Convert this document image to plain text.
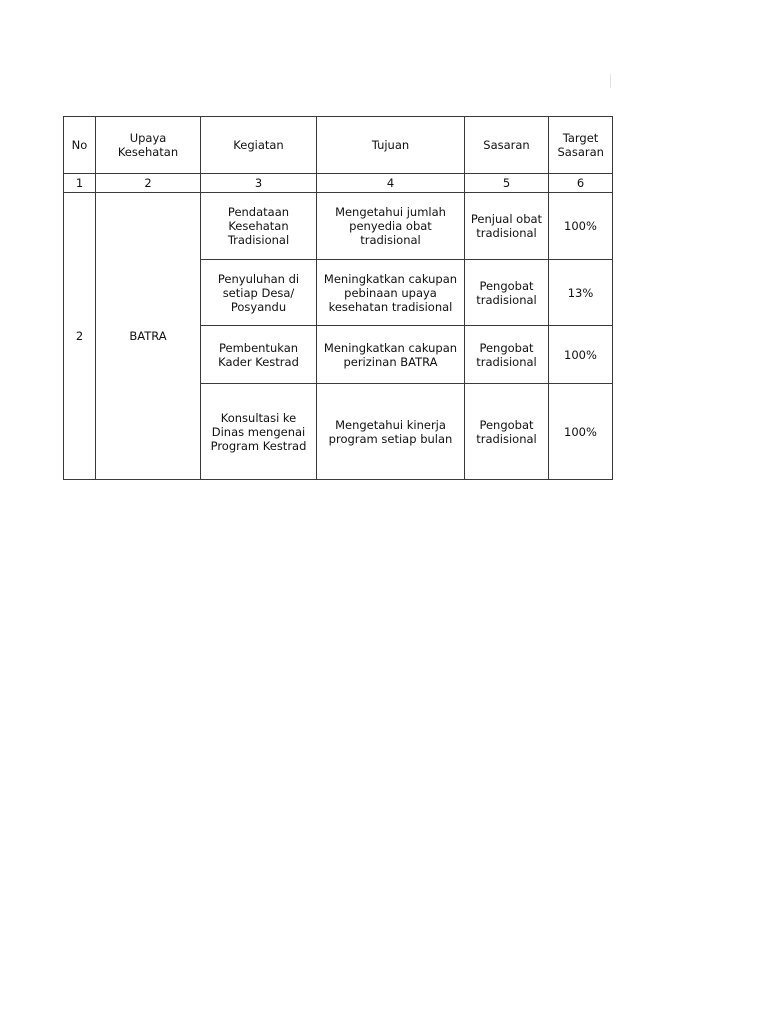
No	Upaya Kesehatan	Kegiatan	Tujuan	Sasaran	Target Sasaran

1	2	3	4	5	6
2	BATRA	Pendataan Kesehatan Tradisional	Mengetahui jumlah penyedia obat tradisional	Penjual obat tradisional	100%

		Penyuluhan di setiap Desa/ Posyandu	Meningkatkan cakupan pebinaan upaya kesehatan tradisional	Pengobat tradisional	13%

		Pembentukan Kader Kestrad	Meningkatkan cakupan perizinan BATRA	Pengobat tradisional	100%
		Konsultasi ke Dinas mengenai Program Kestrad	Mengetahui kinerja program setiap bulan	Pengobat tradisional	100%
